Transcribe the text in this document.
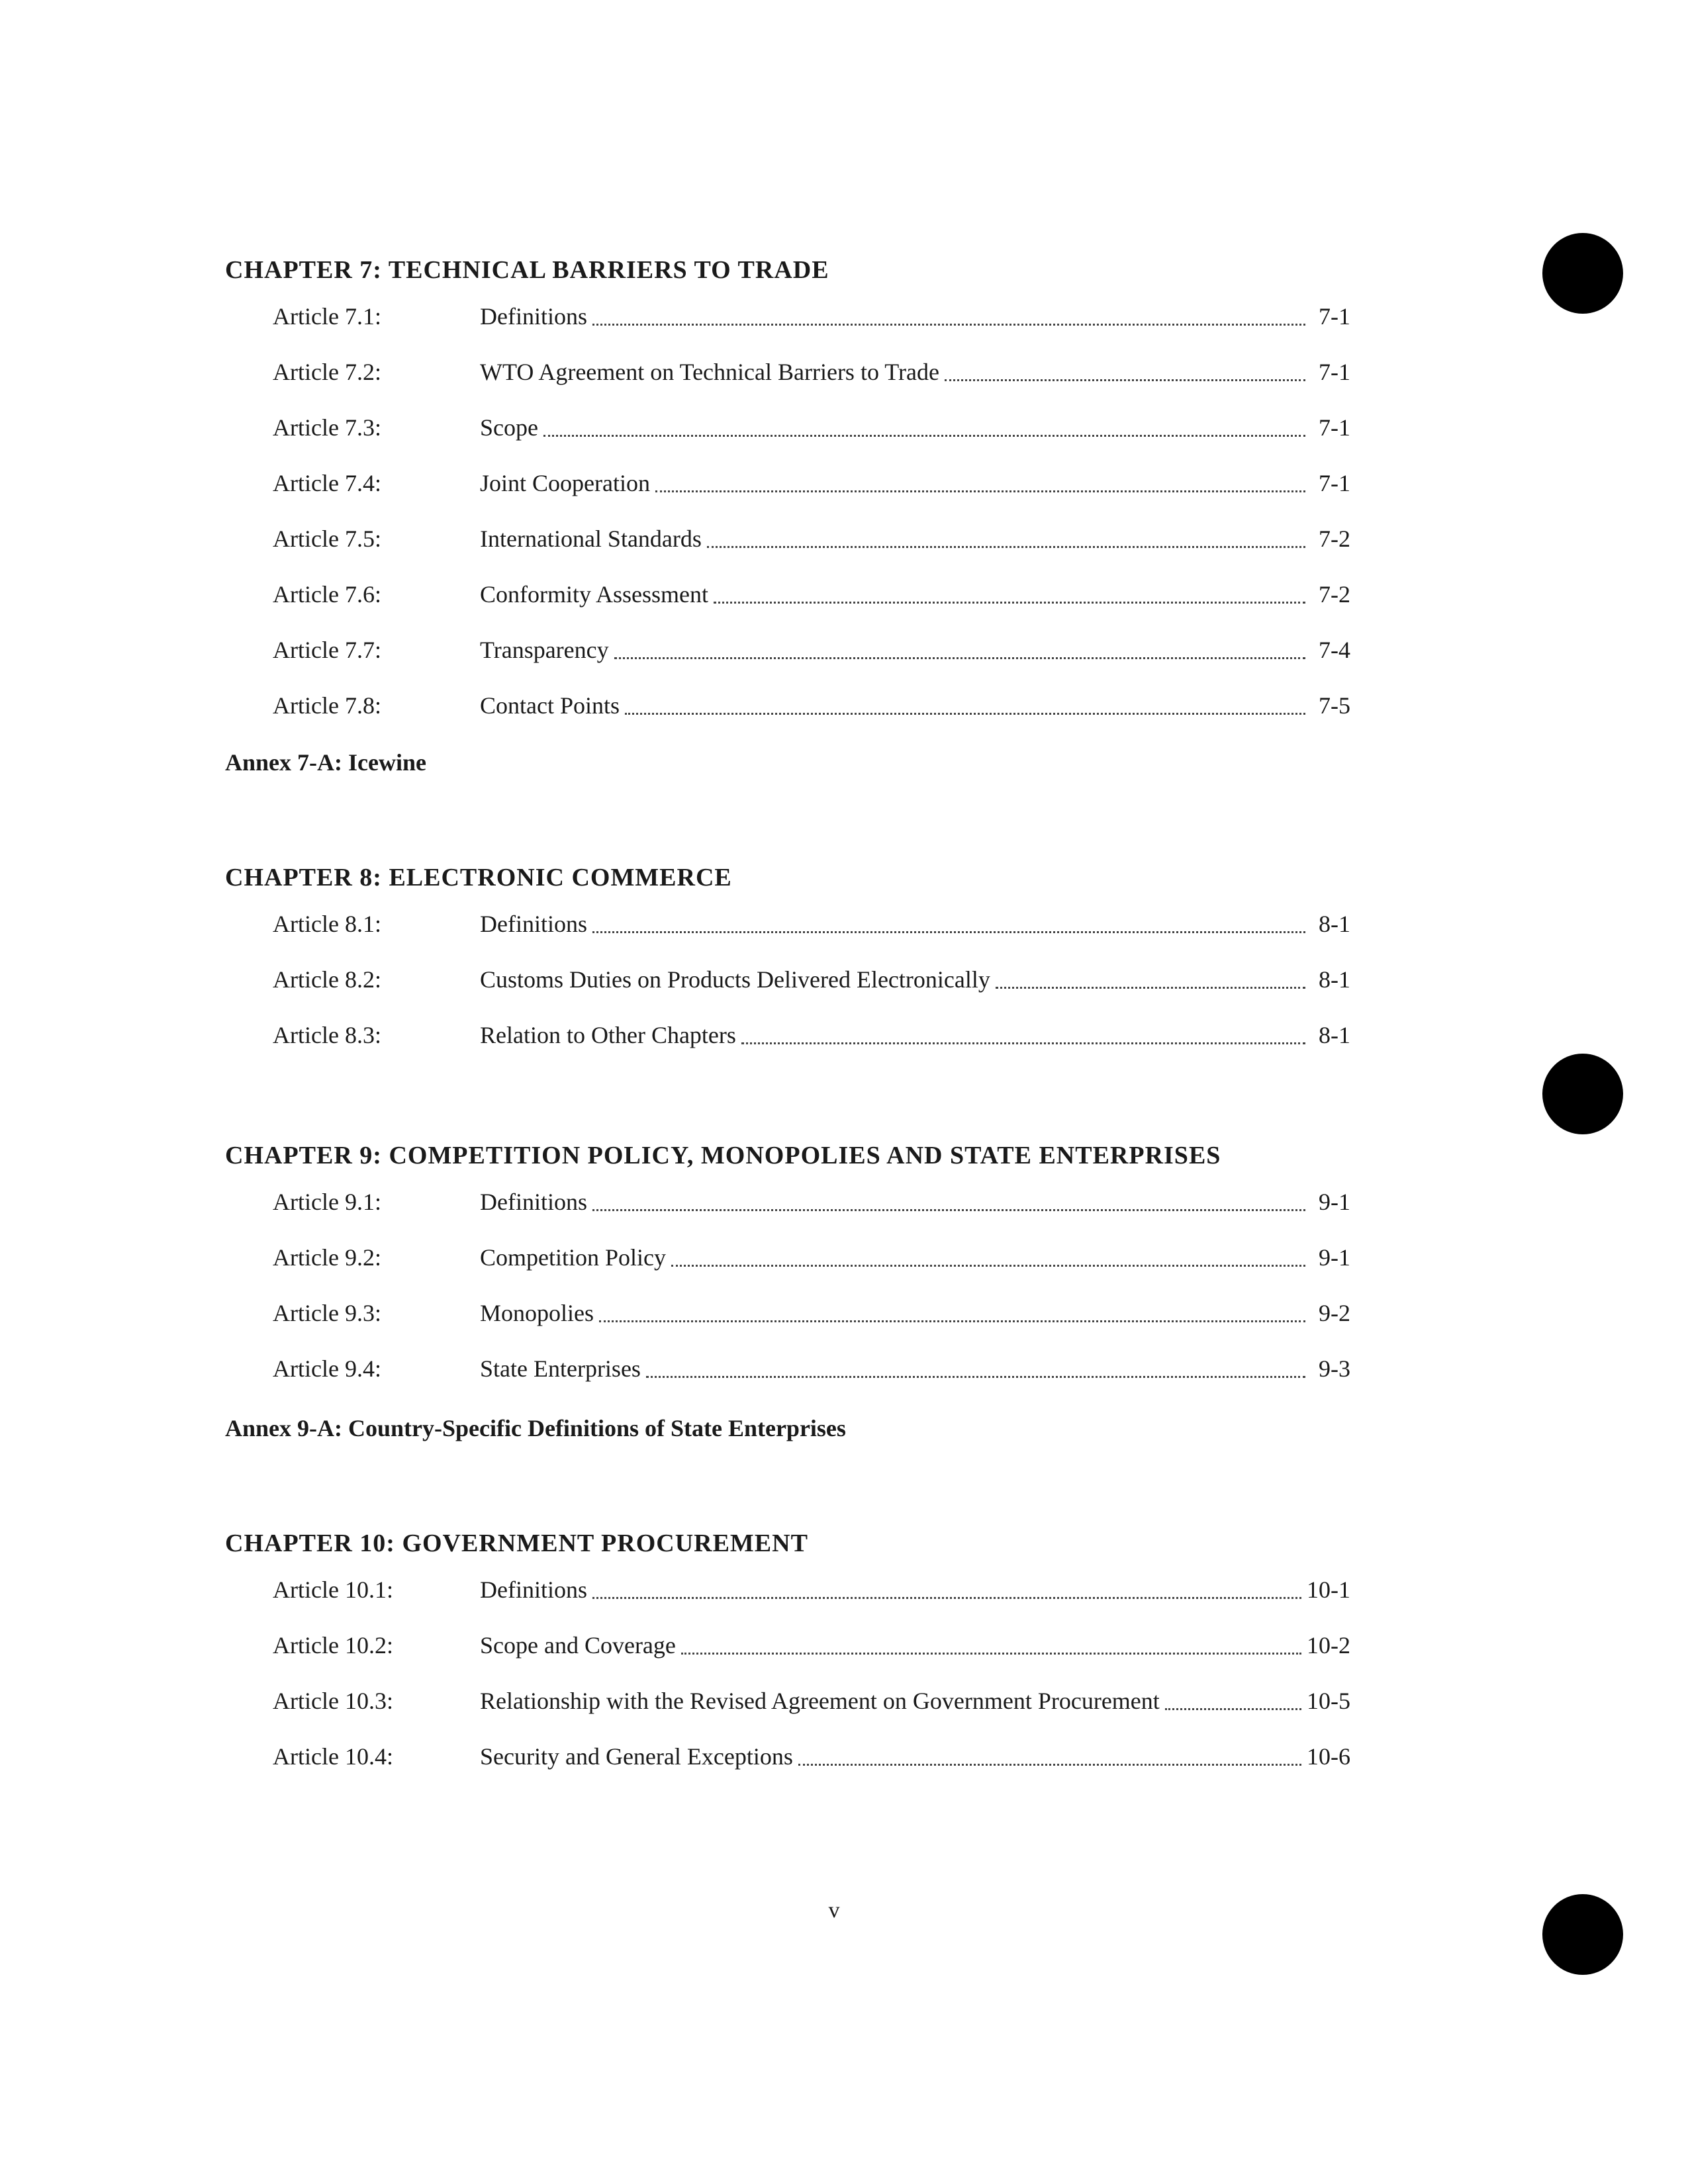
CHAPTER 7: TECHNICAL BARRIERS TO TRADE
Article 7.1:	Definitions	7-1
Article 7.2:	WTO Agreement on Technical Barriers to Trade	7-1
Article 7.3:	Scope	7-1
Article 7.4:	Joint Cooperation	7-1
Article 7.5:	International Standards	7-2
Article 7.6:	Conformity Assessment	7-2
Article 7.7:	Transparency	7-4
Article 7.8:	Contact Points	7-5
Annex 7-A: Icewine
CHAPTER 8: ELECTRONIC COMMERCE
Article 8.1:	Definitions	8-1
Article 8.2:	Customs Duties on Products Delivered Electronically	8-1
Article 8.3:	Relation to Other Chapters	8-1
CHAPTER 9: COMPETITION POLICY, MONOPOLIES AND STATE ENTERPRISES
Article 9.1:	Definitions	9-1
Article 9.2:	Competition Policy	9-1
Article 9.3:	Monopolies	9-2
Article 9.4:	State Enterprises	9-3
Annex 9-A: Country-Specific Definitions of State Enterprises
CHAPTER 10: GOVERNMENT PROCUREMENT
Article 10.1:	Definitions	10-1
Article 10.2:	Scope and Coverage	10-2
Article 10.3:	Relationship with the Revised Agreement on Government Procurement	10-5
Article 10.4:	Security and General Exceptions	10-6
v
